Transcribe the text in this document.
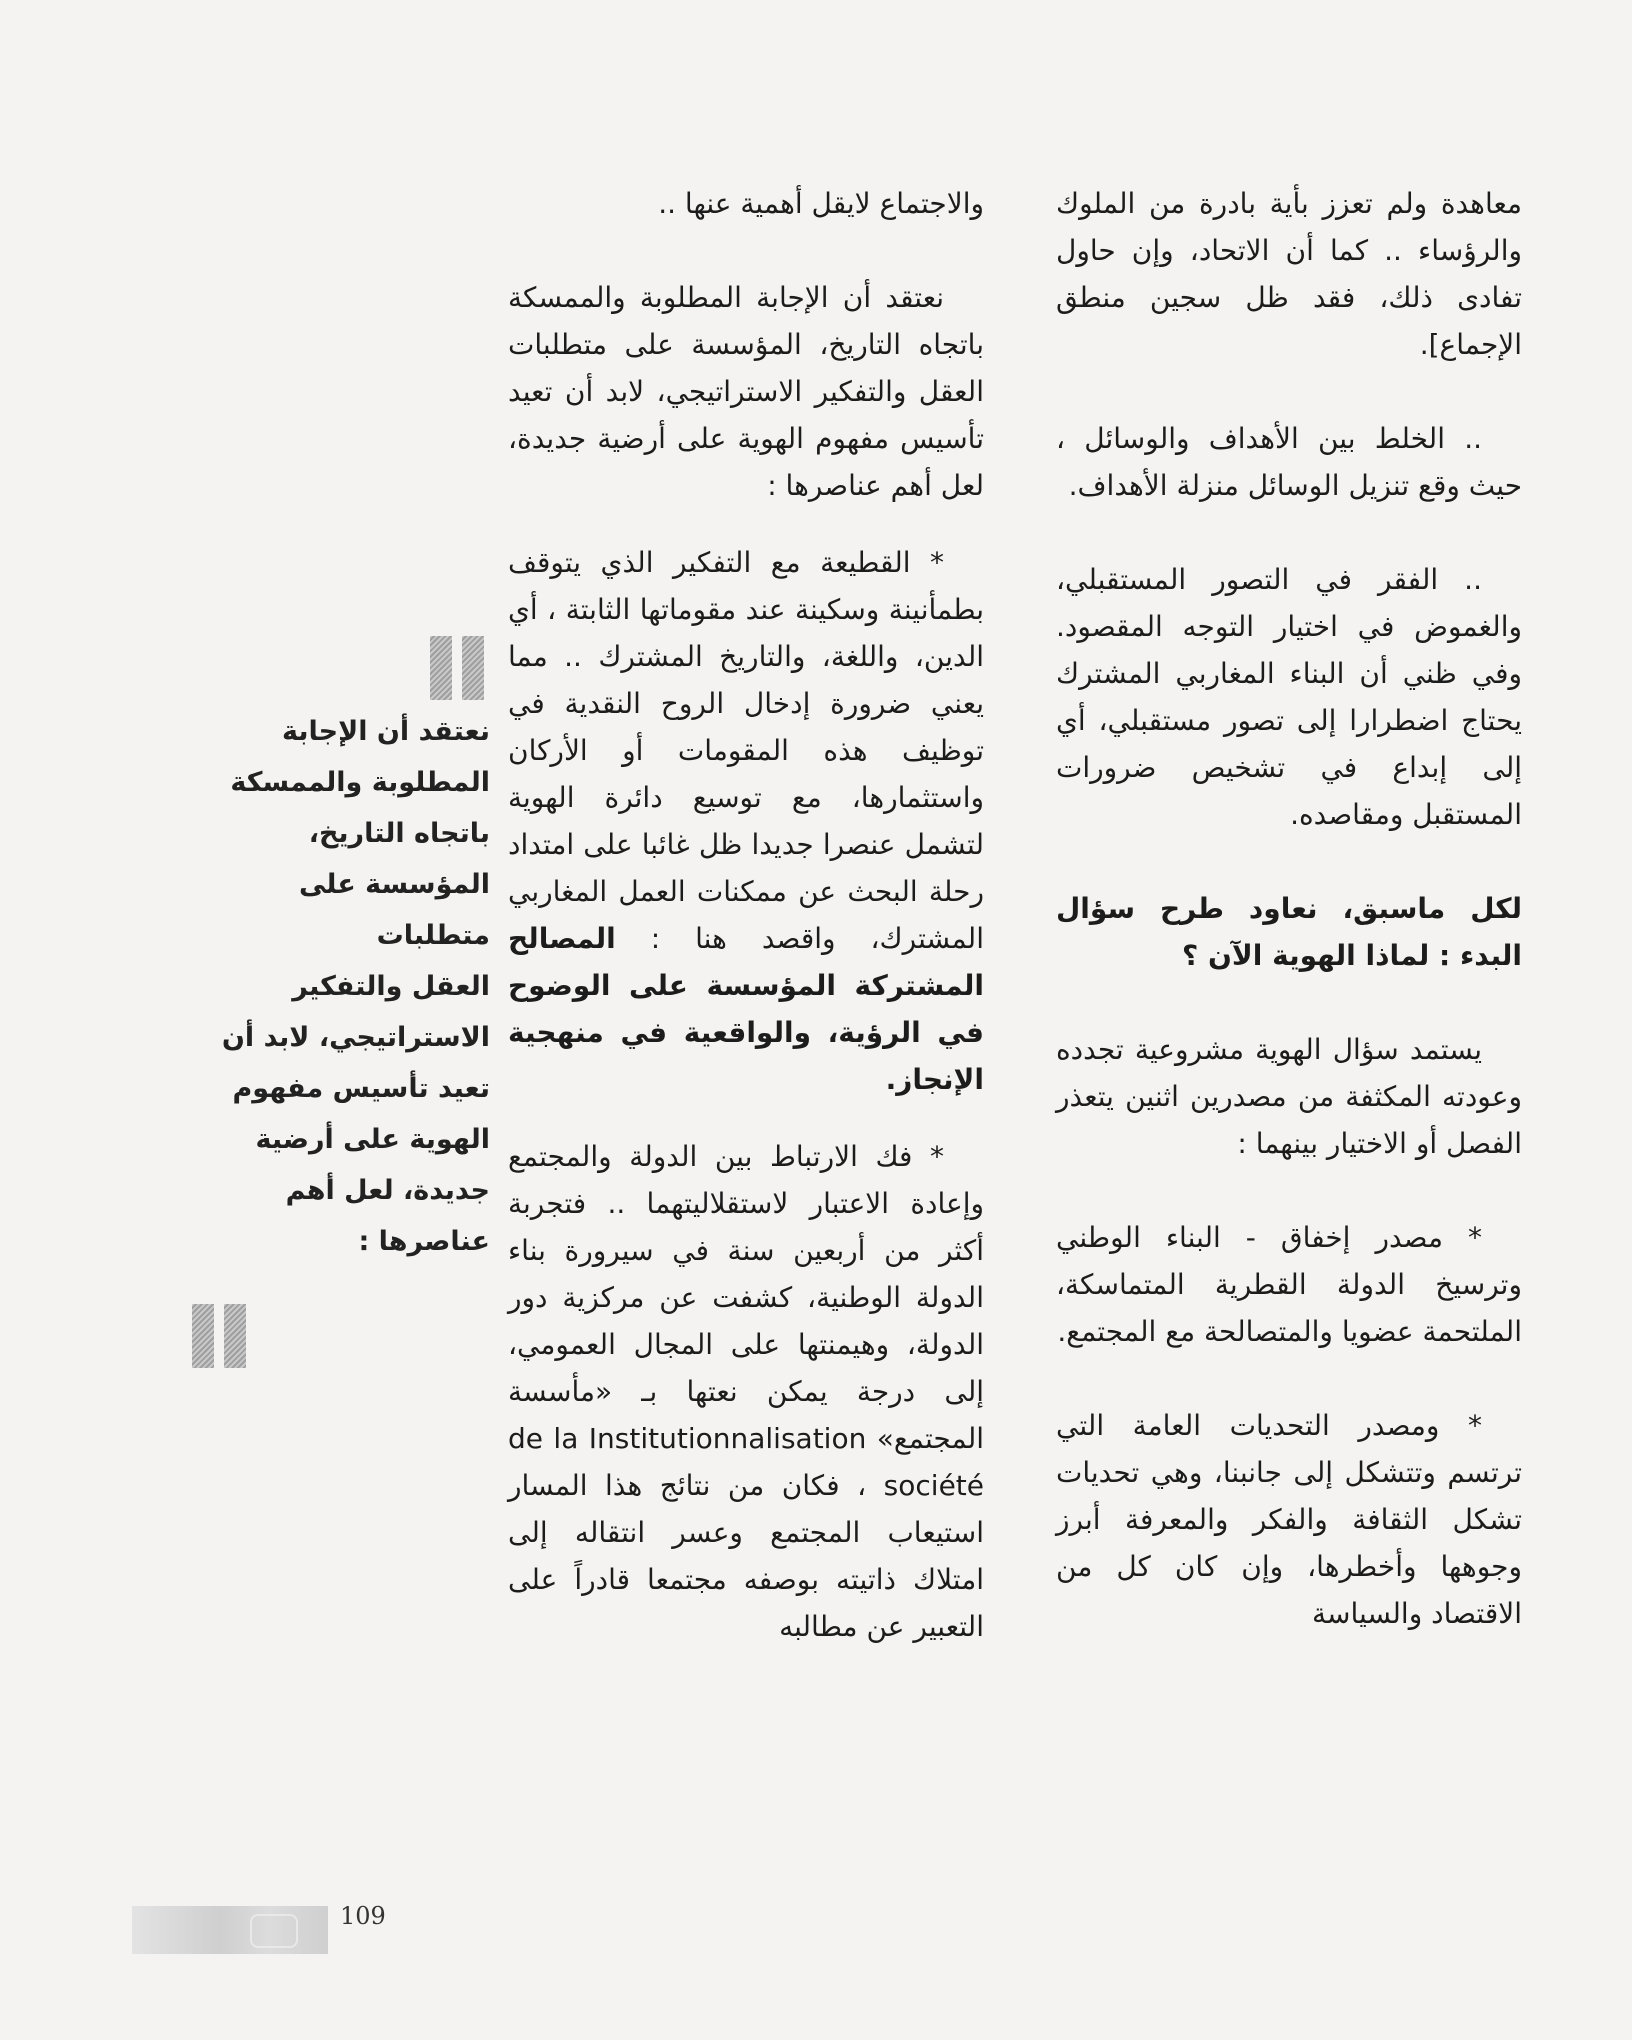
معاهدة ولم تعزز بأية بادرة من الملوك والرؤساء .. كما أن الاتحاد، وإن حاول تفادى ذلك، فقد ظل سجين منطق الإجماع].

.. الخلط بين الأهداف والوسائل ، حيث وقع تنزيل الوسائل منزلة الأهداف.

.. الفقر في التصور المستقبلي، والغموض في اختيار التوجه المقصود. وفي ظني أن البناء المغاربي المشترك يحتاج اضطرارا إلى تصور مستقبلي، أي إلى إبداع في تشخيص ضرورات المستقبل ومقاصده.

لكل ماسبق، نعاود طرح سؤال البدء : لماذا الهوية الآن ؟

يستمد سؤال الهوية مشروعية تجدده وعودته المكثفة من مصدرين اثنين يتعذر الفصل أو الاختيار بينهما :

* مصدر إخفاق - البناء الوطني وترسيخ الدولة القطرية المتماسكة، الملتحمة عضويا والمتصالحة مع المجتمع.

* ومصدر التحديات العامة التي ترتسم وتتشكل إلى جانبنا، وهي تحديات تشكل الثقافة والفكر والمعرفة أبرز وجوهها وأخطرها، وإن كان كل من الاقتصاد والسياسة

والاجتماع لايقل أهمية عنها ..

نعتقد أن الإجابة المطلوبة والممسكة باتجاه التاريخ، المؤسسة على متطلبات العقل والتفكير الاستراتيجي، لابد أن تعيد تأسيس مفهوم الهوية على أرضية جديدة، لعل أهم عناصرها :

* القطيعة مع التفكير الذي يتوقف بطمأنينة وسكينة عند مقوماتها الثابتة ، أي الدين، واللغة، والتاريخ المشترك .. مما يعني ضرورة إدخال الروح النقدية في توظيف هذه المقومات أو الأركان واستثمارها، مع توسيع دائرة الهوية لتشمل عنصرا جديدا ظل غائبا على امتداد رحلة البحث عن ممكنات العمل المغاربي المشترك، واقصد هنا : المصالح المشتركة المؤسسة على الوضوح في الرؤية، والواقعية في منهجية الإنجاز.

* فك الارتباط بين الدولة والمجتمع وإعادة الاعتبار لاستقلاليتهما .. فتجربة أكثر من أربعين سنة في سيرورة بناء الدولة الوطنية، كشفت عن مركزية دور الدولة، وهيمنتها على المجال العمومي، إلى درجة يمكن نعتها بـ «مأسسة المجتمع» Institutionnalisation de la société ، فكان من نتائج هذا المسار استيعاب المجتمع وعسر انتقاله إلى امتلاك ذاتيته بوصفه مجتمعا قادراً على التعبير عن مطالبه

نعتقد أن الإجابة

المطلوبة والممسكة

باتجاه التاريخ،

المؤسسة على متطلبات

العقل والتفكير

الاستراتيجي، لابد أن

تعيد تأسيس مفهوم

الهوية على أرضية

جديدة، لعل أهم

عناصرها :

109
